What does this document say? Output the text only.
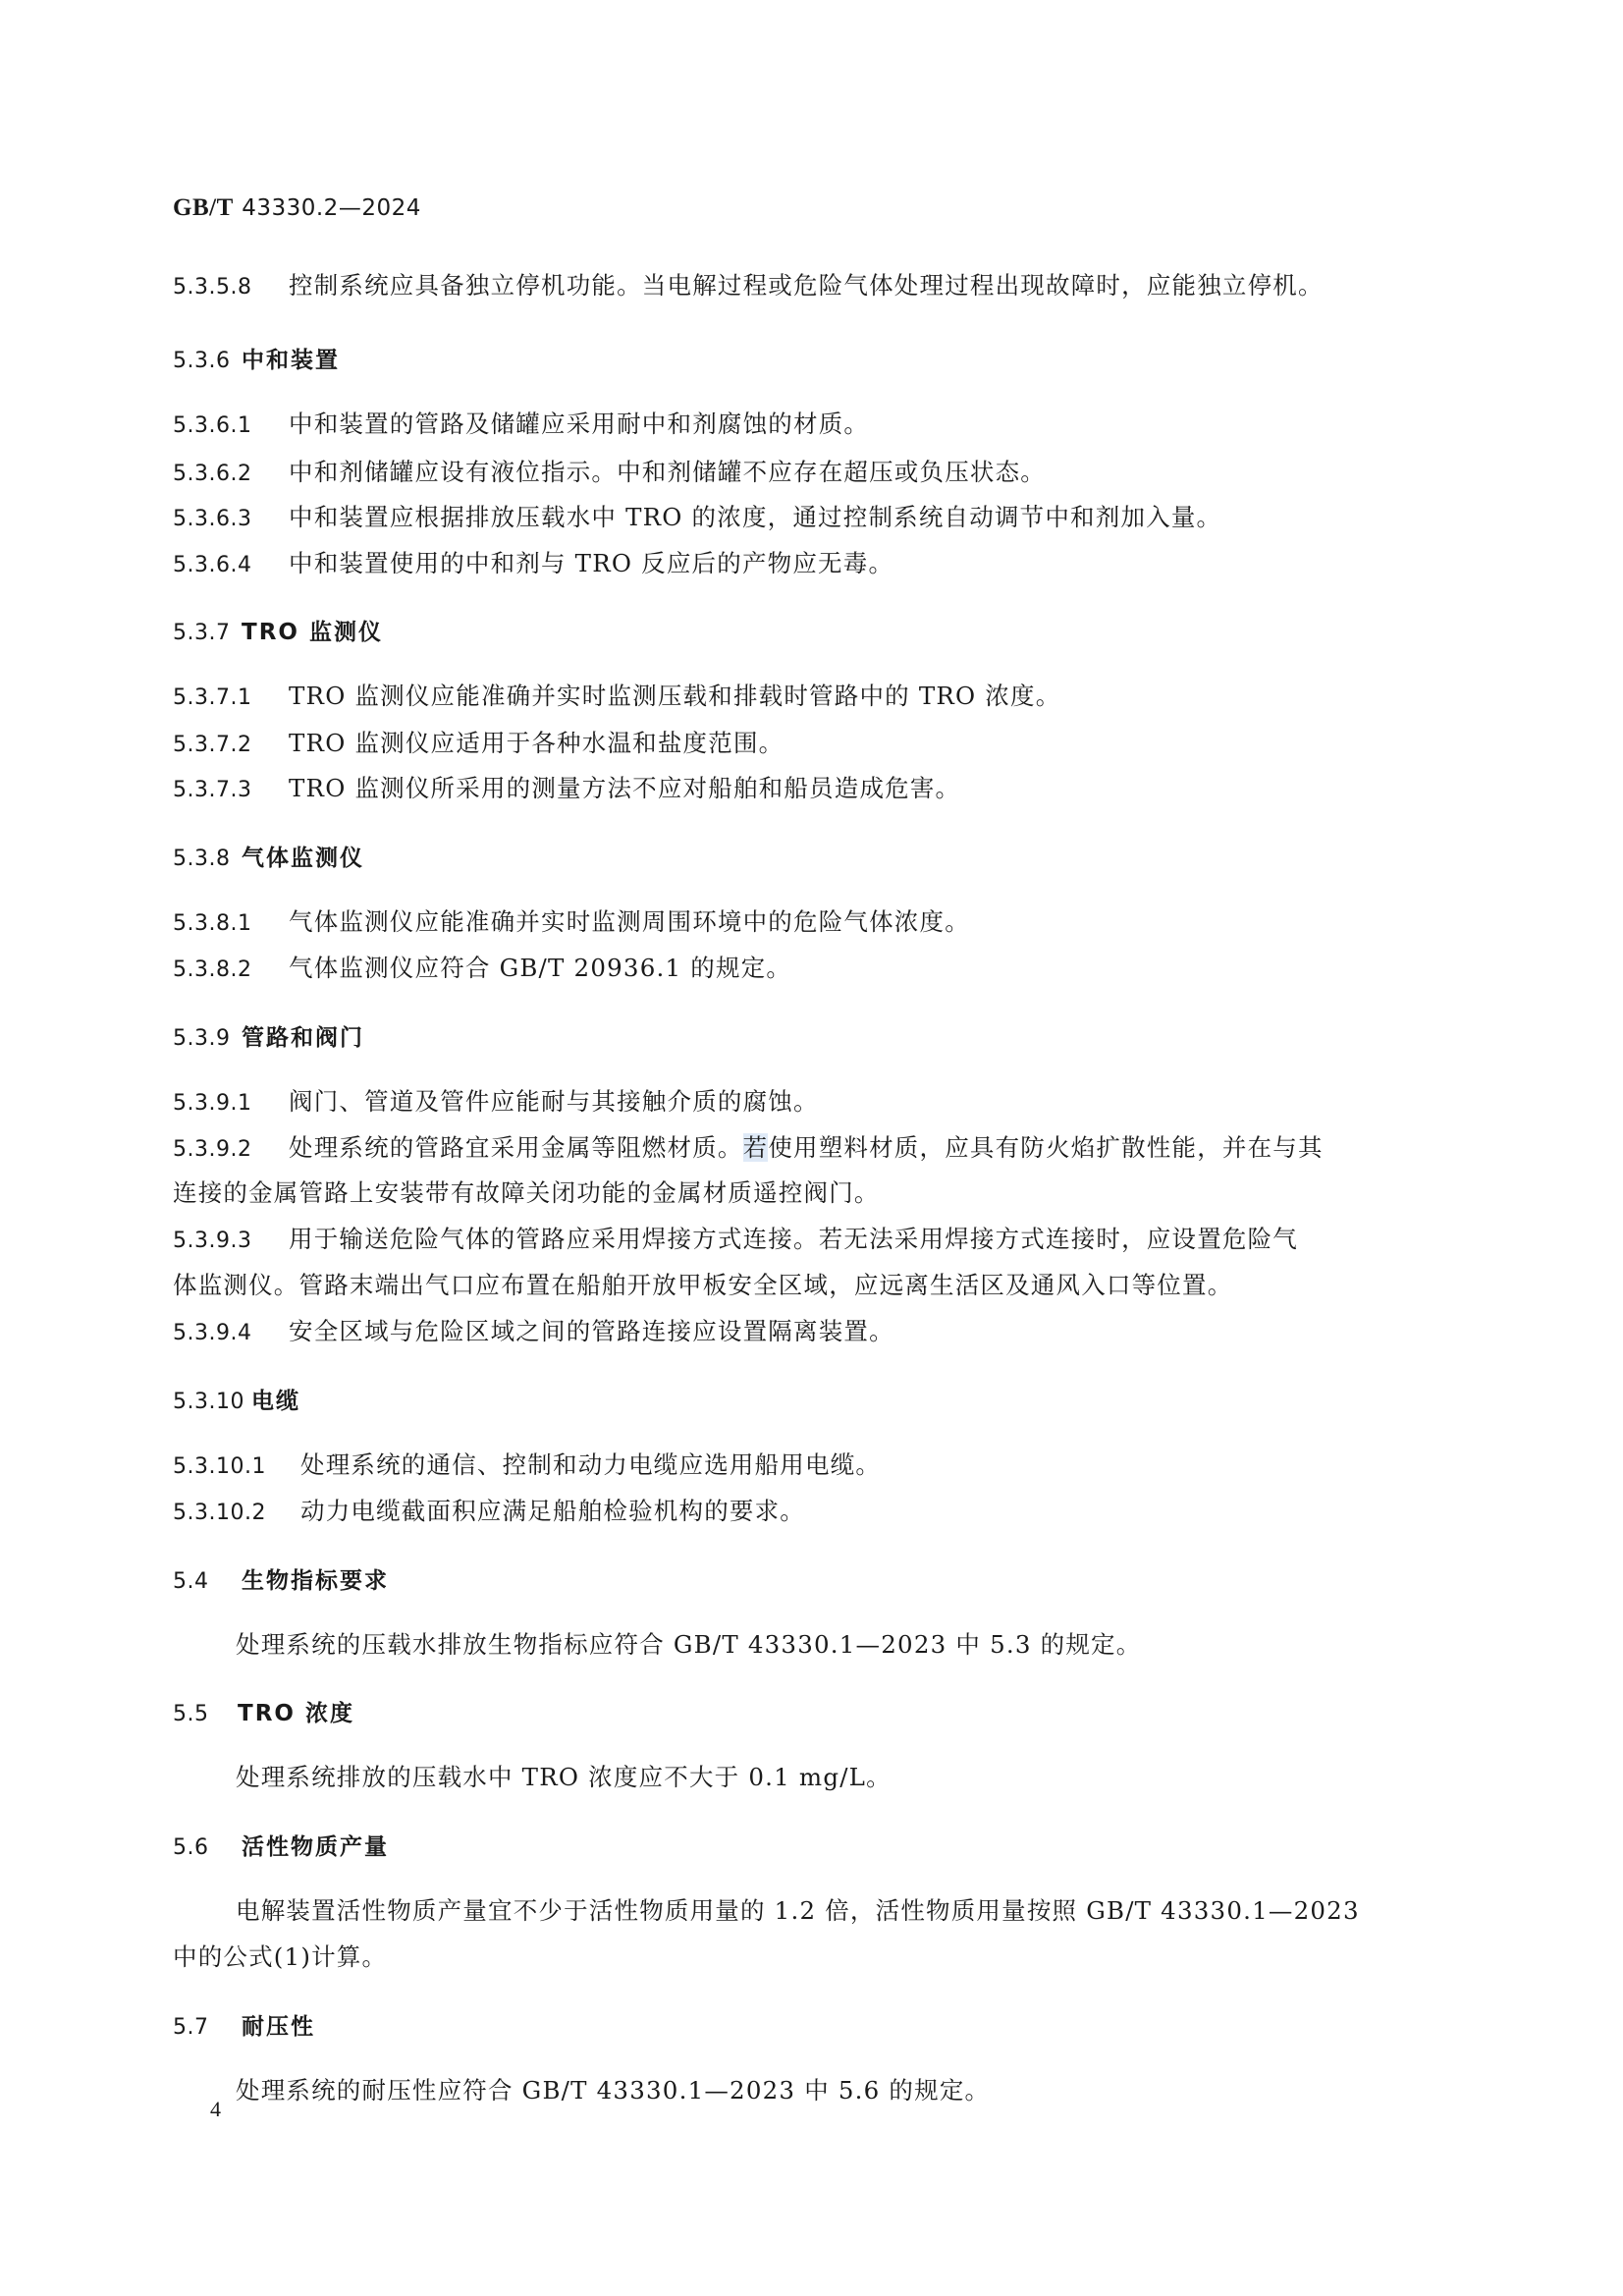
GB/T 43330.2—2024
5.3.5.8 控制系统应具备独立停机功能。当电解过程或危险气体处理过程出现故障时，应能独立停机。
5.3.6 中和装置
5.3.6.1 中和装置的管路及储罐应采用耐中和剂腐蚀的材质。
5.3.6.2 中和剂储罐应设有液位指示。中和剂储罐不应存在超压或负压状态。
5.3.6.3 中和装置应根据排放压载水中 TRO 的浓度，通过控制系统自动调节中和剂加入量。
5.3.6.4 中和装置使用的中和剂与 TRO 反应后的产物应无毒。
5.3.7 TRO 监测仪
5.3.7.1 TRO 监测仪应能准确并实时监测压载和排载时管路中的 TRO 浓度。
5.3.7.2 TRO 监测仪应适用于各种水温和盐度范围。
5.3.7.3 TRO 监测仪所采用的测量方法不应对船舶和船员造成危害。
5.3.8 气体监测仪
5.3.8.1 气体监测仪应能准确并实时监测周围环境中的危险气体浓度。
5.3.8.2 气体监测仪应符合 GB/T 20936.1 的规定。
5.3.9 管路和阀门
5.3.9.1 阀门、管道及管件应能耐与其接触介质的腐蚀。
5.3.9.2 处理系统的管路宜采用金属等阻燃材质。若使用塑料材质，应具有防火焰扩散性能，并在与其
连接的金属管路上安装带有故障关闭功能的金属材质遥控阀门。
5.3.9.3 用于输送危险气体的管路应采用焊接方式连接。若无法采用焊接方式连接时，应设置危险气
体监测仪。管路末端出气口应布置在船舶开放甲板安全区域，应远离生活区及通风入口等位置。
5.3.9.4 安全区域与危险区域之间的管路连接应设置隔离装置。
5.3.10 电缆
5.3.10.1 处理系统的通信、控制和动力电缆应选用船用电缆。
5.3.10.2 动力电缆截面积应满足船舶检验机构的要求。
5.4 生物指标要求
处理系统的压载水排放生物指标应符合 GB/T 43330.1—2023 中 5.3 的规定。
5.5 TRO 浓度
处理系统排放的压载水中 TRO 浓度应不大于 0.1 mg/L。
5.6 活性物质产量
电解装置活性物质产量宜不少于活性物质用量的 1.2 倍，活性物质用量按照 GB/T 43330.1—2023
中的公式(1)计算。
5.7 耐压性
处理系统的耐压性应符合 GB/T 43330.1—2023 中 5.6 的规定。
4
